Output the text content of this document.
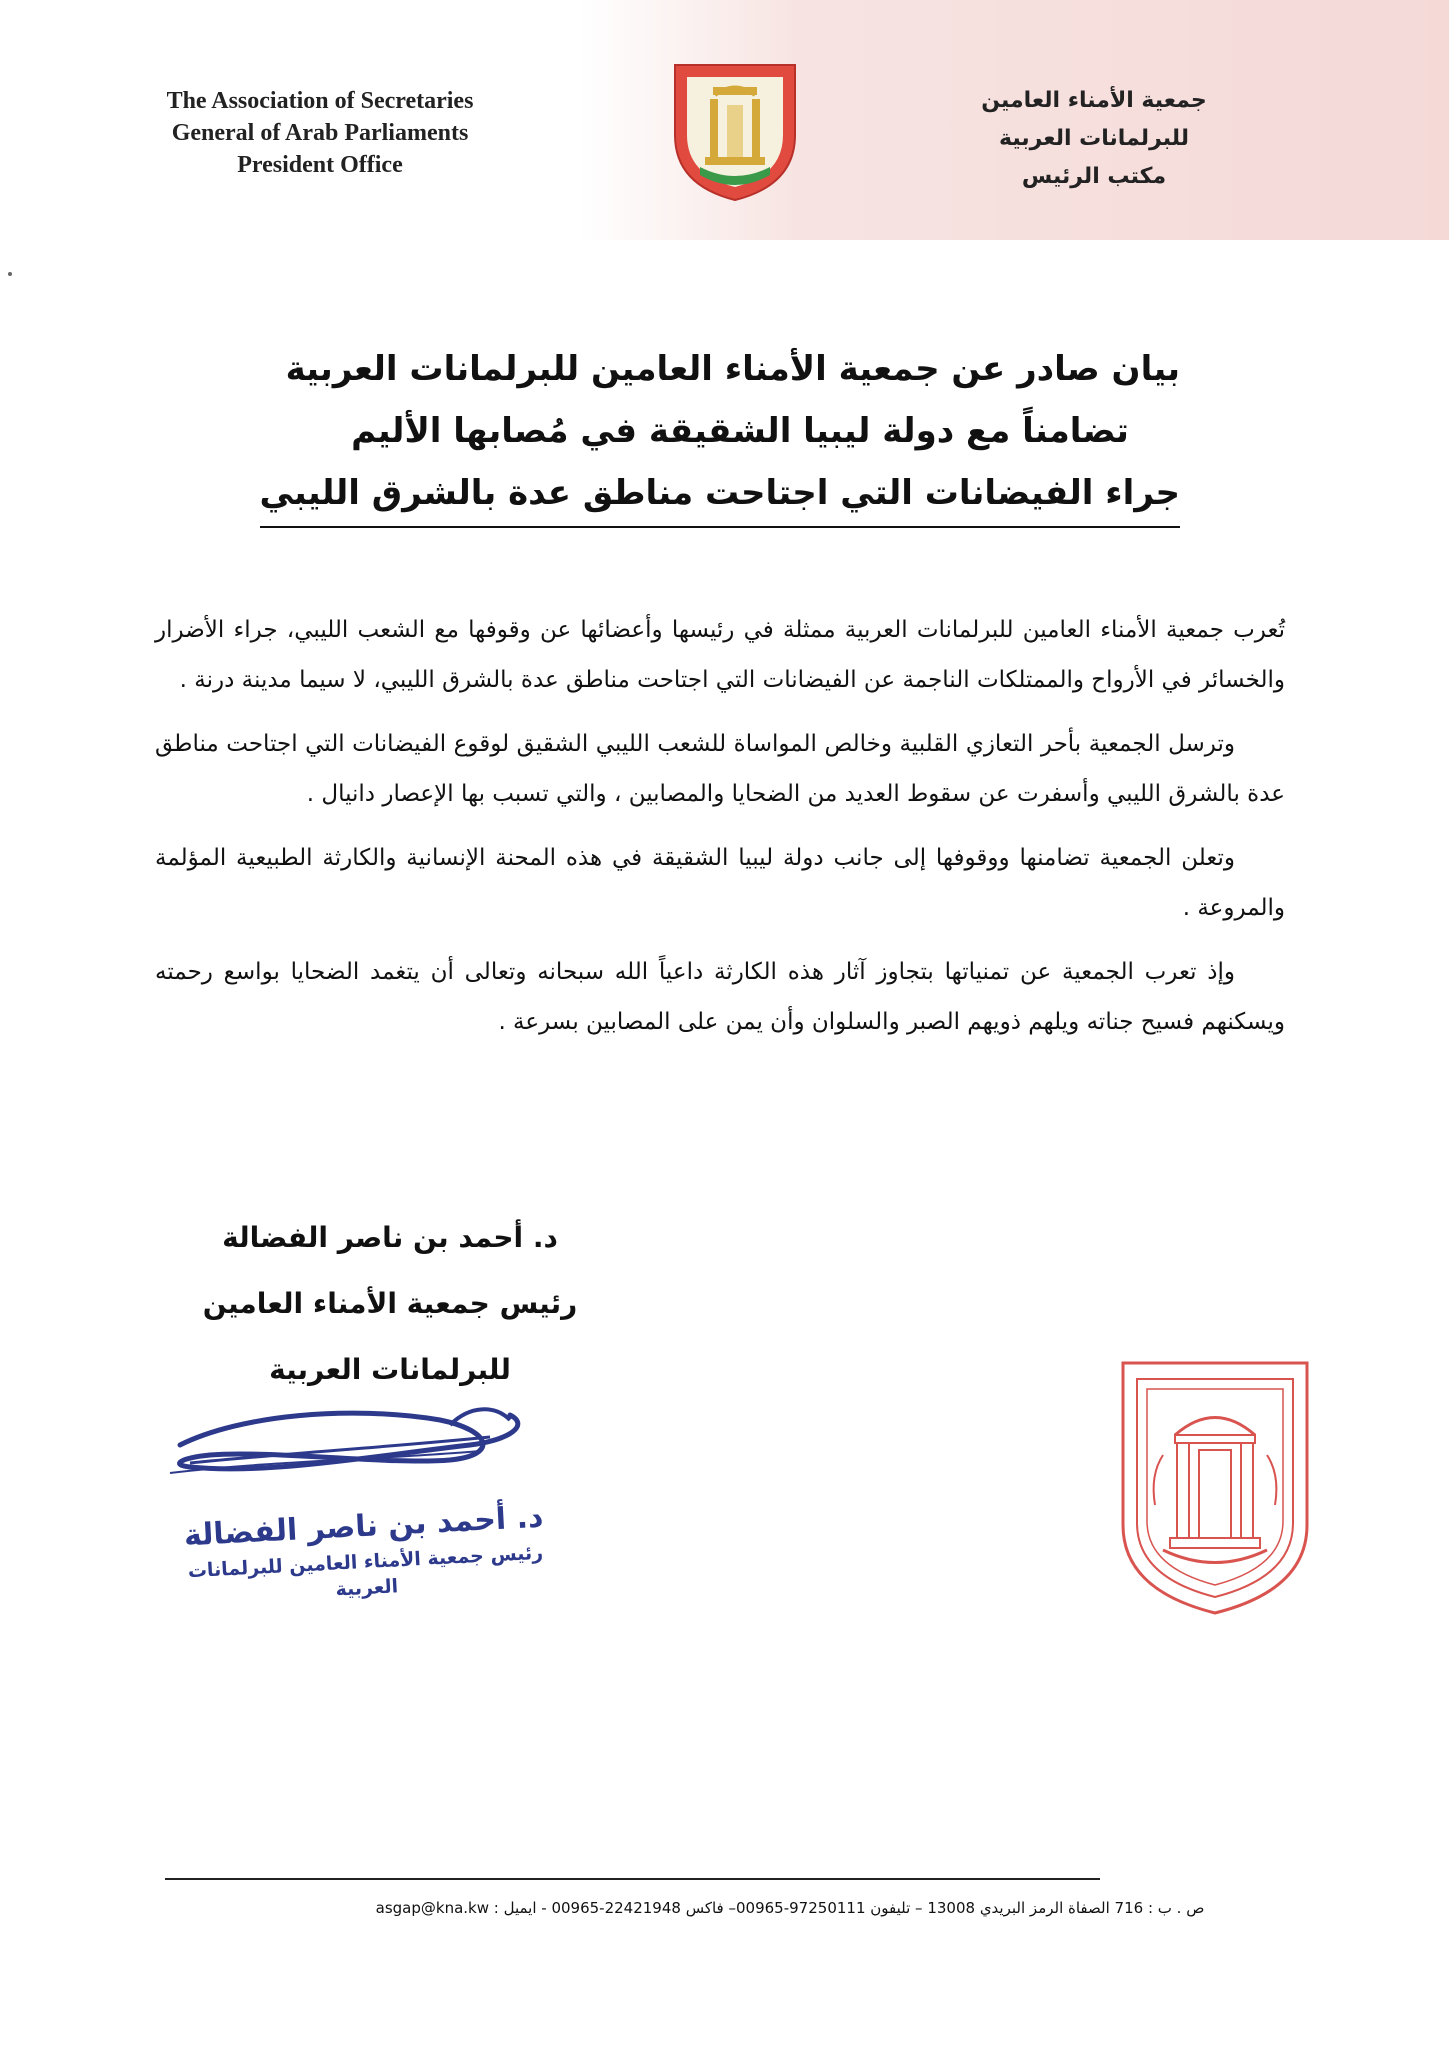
The Association of Secretaries
General of Arab Parliaments
President Office
جمعية الأمناء العامين
للبرلمانات العربية
مكتب الرئيس
بيان صادر عن جمعية الأمناء العامين للبرلمانات العربية
تضامناً مع دولة ليبيا الشقيقة في مُصابها الأليم
جراء الفيضانات التي اجتاحت مناطق عدة بالشرق الليبي

تُعرب جمعية الأمناء العامين للبرلمانات العربية ممثلة في رئيسها وأعضائها عن وقوفها مع الشعب الليبي، جراء الأضرار والخسائر في الأرواح والممتلكات الناجمة عن الفيضانات التي اجتاحت مناطق عدة بالشرق الليبي، لا سيما مدينة درنة .

وترسل الجمعية بأحر التعازي القلبية وخالص المواساة للشعب الليبي الشقيق لوقوع الفيضانات التي اجتاحت مناطق عدة بالشرق الليبي وأسفرت عن سقوط العديد من الضحايا والمصابين ، والتي تسبب بها الإعصار دانيال .

وتعلن الجمعية تضامنها ووقوفها إلى جانب دولة ليبيا الشقيقة في هذه المحنة الإنسانية والكارثة الطبيعية المؤلمة والمروعة .

وإذ تعرب الجمعية عن تمنياتها بتجاوز آثار هذه الكارثة داعياً الله سبحانه وتعالى أن يتغمد الضحايا بواسع رحمته ويسكنهم فسيح جناته ويلهم ذويهم الصبر والسلوان وأن يمن على المصابين بسرعة .

د. أحمد بن ناصر الفضالة
رئيس جمعية الأمناء العامين
للبرلمانات العربية
د. أحمد بن ناصر الفضالة
رئيس جمعية الأمناء العامين للبرلمانات العربية
ص . ب : 716 الصفاة الرمز البريدي 13008 – تليفون 97250111-00965– فاكس 22421948-00965 - ايميل : asgap@kna.kw
